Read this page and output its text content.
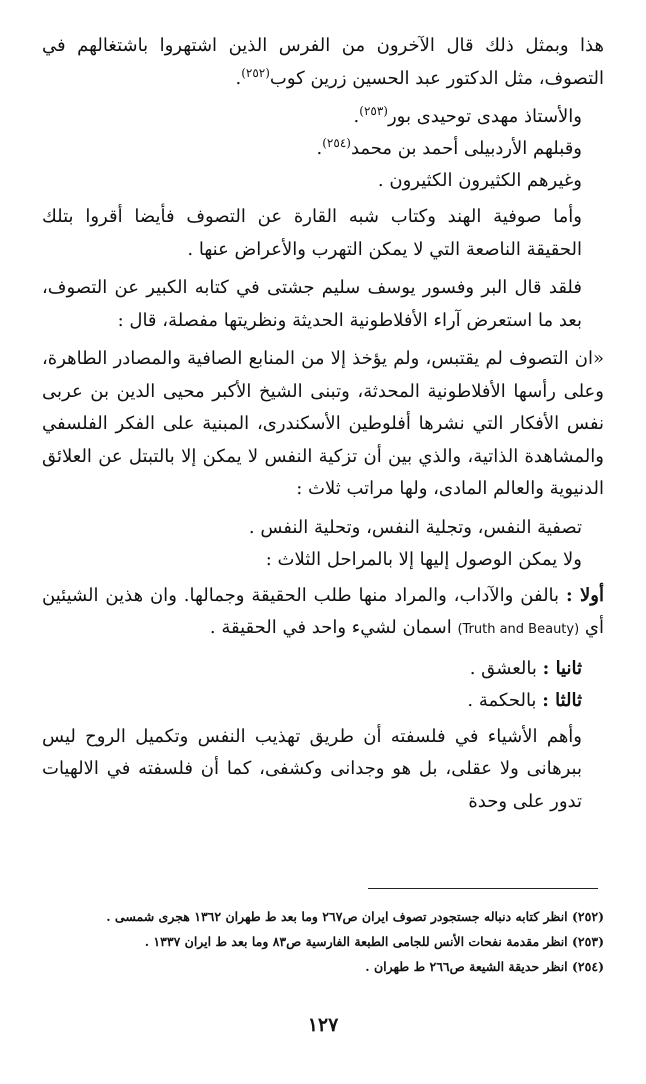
هذا وبمثل ذلك قال الآخرون من الفرس الذين اشتهروا باشتغالهم في التصوف، مثل الدكتور عبد الحسين زرين كوب$^{(٢٥٢)}$.

والأستاذ مهدى توحيدى بور$^{(٢٥٣)}$.
وقبلهم الأردبيلى أحمد بن محمد$^{(٢٥٤)}$.
وغيرهم الكثيرون الكثيرون .

وأما صوفية الهند وكتاب شبه القارة عن التصوف فأيضا أقروا بتلك الحقيقة الناصعة التي لا يمكن التهرب والأعراض عنها .

فلقد قال البر وفسور يوسف سليم جشتى في كتابه الكبير عن التصوف، بعد ما استعرض آراء الأفلاطونية الحديثة ونظريتها مفصلة، قال :

«ان التصوف لم يقتبس، ولم يؤخذ إلا من المنابع الصافية والمصادر الطاهرة، وعلى رأسها الأفلاطونية المحدثة، وتبنى الشيخ الأكبر محيى الدين بن عربى نفس الأفكار التي نشرها أفلوطين الأسكندرى، المبنية على الفكر الفلسفي والمشاهدة الذاتية، والذي بين أن تزكية النفس لا يمكن إلا بالتبتل عن العلائق الدنيوية والعالم المادى، ولها مراتب ثلاث :

تصفية النفس، وتجلية النفس، وتحلية النفس .
ولا يمكن الوصول إليها إلا بالمراحل الثلاث :

أولا : بالفن والآداب، والمراد منها طلب الحقيقة وجمالها. وان هذين الشيئين أي (Truth and Beauty) اسمان لشيء واحد في الحقيقة .

ثانيا : بالعشق .
ثالثا : بالحكمة .

وأهم الأشياء في فلسفته أن طريق تهذيب النفس وتكميل الروح ليس ببرهانى ولا عقلى، بل هو وجدانى وكشفى، كما أن فلسفته في الالهيات تدور على وحدة

(٢٥٢) انظر كتابه دنباله جستجودر تصوف ايران ص٢٦٧ وما بعد ط طهران ١٣٦٢ هجرى شمسى .

(٢٥٣) انظر مقدمة نفحات الأنس للجامى الطبعة الفارسية ص٨٣ وما بعد ط ايران ١٣٣٧ .

(٢٥٤) انظر حديقة الشيعة ص٢٦٦ ط طهران .

١٢٧
